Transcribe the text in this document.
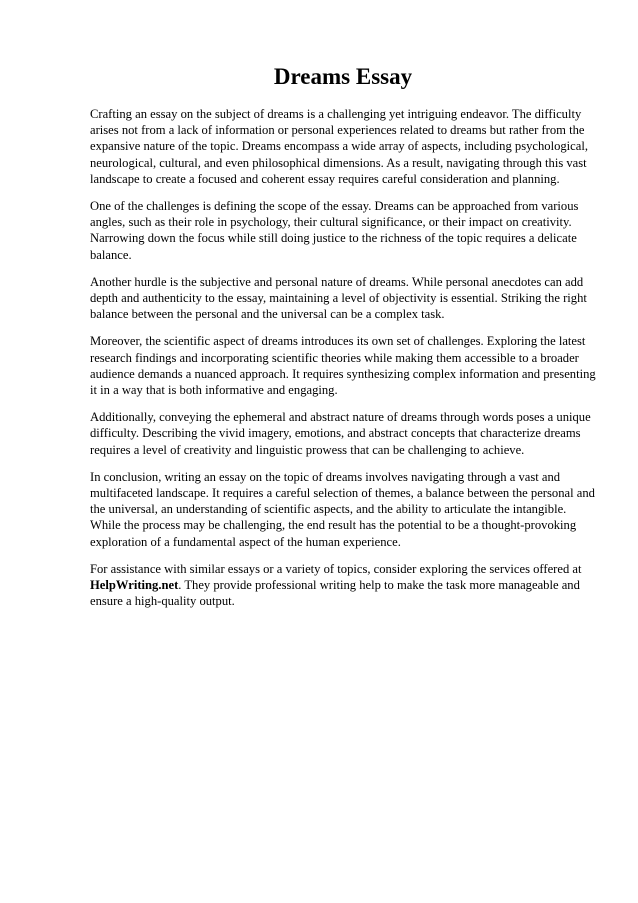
Dreams Essay

Crafting an essay on the subject of dreams is a challenging yet intriguing endeavor. The difficulty arises not from a lack of information or personal experiences related to dreams but rather from the expansive nature of the topic. Dreams encompass a wide array of aspects, including psychological, neurological, cultural, and even philosophical dimensions. As a result, navigating through this vast landscape to create a focused and coherent essay requires careful consideration and planning.

One of the challenges is defining the scope of the essay. Dreams can be approached from various angles, such as their role in psychology, their cultural significance, or their impact on creativity. Narrowing down the focus while still doing justice to the richness of the topic requires a delicate balance.

Another hurdle is the subjective and personal nature of dreams. While personal anecdotes can add depth and authenticity to the essay, maintaining a level of objectivity is essential. Striking the right balance between the personal and the universal can be a complex task.

Moreover, the scientific aspect of dreams introduces its own set of challenges. Exploring the latest research findings and incorporating scientific theories while making them accessible to a broader audience demands a nuanced approach. It requires synthesizing complex information and presenting it in a way that is both informative and engaging.

Additionally, conveying the ephemeral and abstract nature of dreams through words poses a unique difficulty. Describing the vivid imagery, emotions, and abstract concepts that characterize dreams requires a level of creativity and linguistic prowess that can be challenging to achieve.

In conclusion, writing an essay on the topic of dreams involves navigating through a vast and multifaceted landscape. It requires a careful selection of themes, a balance between the personal and the universal, an understanding of scientific aspects, and the ability to articulate the intangible. While the process may be challenging, the end result has the potential to be a thought-provoking exploration of a fundamental aspect of the human experience.

For assistance with similar essays or a variety of topics, consider exploring the services offered at HelpWriting.net. They provide professional writing help to make the task more manageable and ensure a high-quality output.
